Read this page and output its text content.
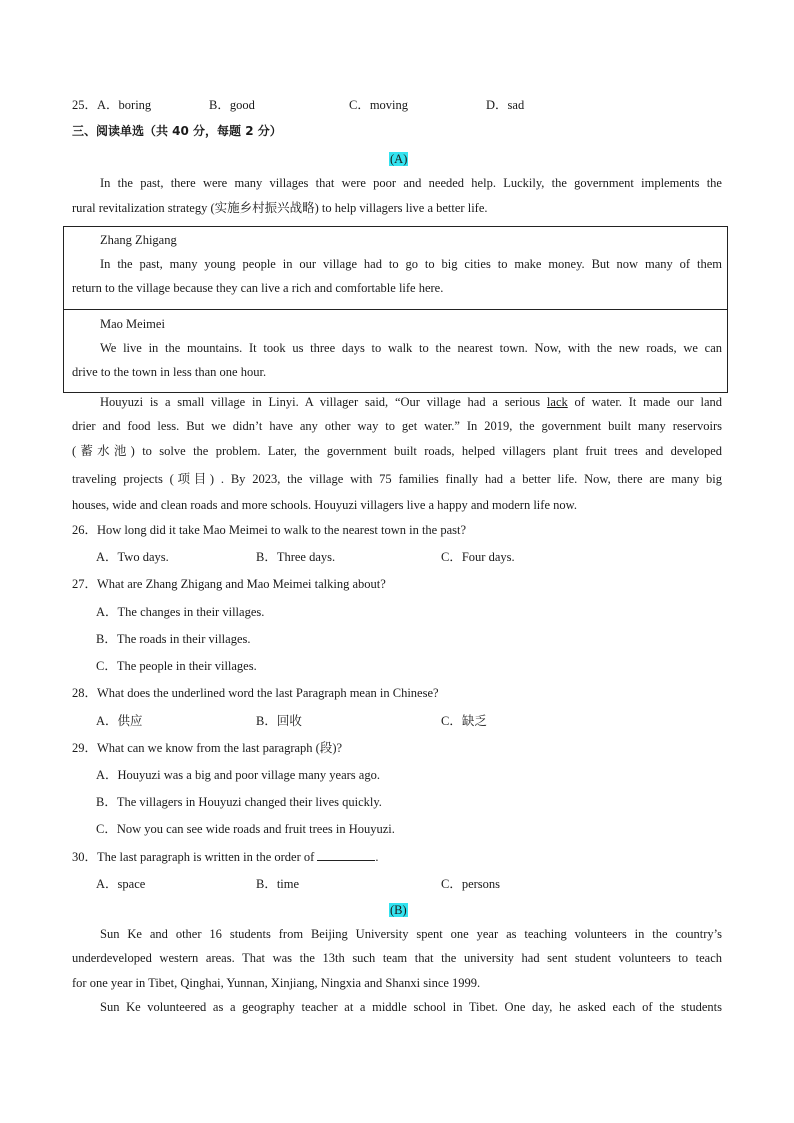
25．A．boring	B．good	C．moving	D．sad
三、阅读单选（共 40 分，每题 2 分）
(A)
In the past, there were many villages that were poor and needed help. Luckily, the government implements the
rural revitalization strategy (实施乡村振兴战略) to help villagers live a better life.
Zhang Zhigang
In the past, many young people in our village had to go to big cities to make money. But now many of them
return to the village because they can live a rich and comfortable life here.
Mao Meimei
We live in the mountains. It took us three days to walk to the nearest town. Now, with the new roads, we can
drive to the town in less than one hour.
Houyuzi is a small village in Linyi. A villager said, “Our village had a serious lack of water. It made our land
drier and food less. But we didn’t have any other way to get water.” In 2019, the government built many reservoirs
(蓄水池) to solve the problem. Later, the government built roads, helped villagers plant fruit trees and developed
traveling projects (项目) . By 2023, the village with 75 families finally had a better life. Now, there are many big
houses, wide and clean roads and more schools. Houyuzi villagers live a happy and modern life now.
26．How long did it take Mao Meimei to walk to the nearest town in the past?
A．Two days.	B．Three days.	C．Four days.
27．What are Zhang Zhigang and Mao Meimei talking about?
A．The changes in their villages.
B．The roads in their villages.
C．The people in their villages.
28．What does the underlined word the last Paragraph mean in Chinese?
A．供应	B．回收	C．缺乏
29．What can we know from the last paragraph (段)?
A．Houyuzi was a big and poor village many years ago.
B．The villagers in Houyuzi changed their lives quickly.
C．Now you can see wide roads and fruit trees in Houyuzi.
30．The last paragraph is written in the order of	.
A．space	B．time	C．persons
(B)
Sun Ke and other 16 students from Beijing University spent one year as teaching volunteers in the country’s
underdeveloped western areas. That was the 13th such team that the university had sent student volunteers to teach
for one year in Tibet, Qinghai, Yunnan, Xinjiang, Ningxia and Shanxi since 1999.
Sun Ke volunteered as a geography teacher at a middle school in Tibet. One day, he asked each of the students
